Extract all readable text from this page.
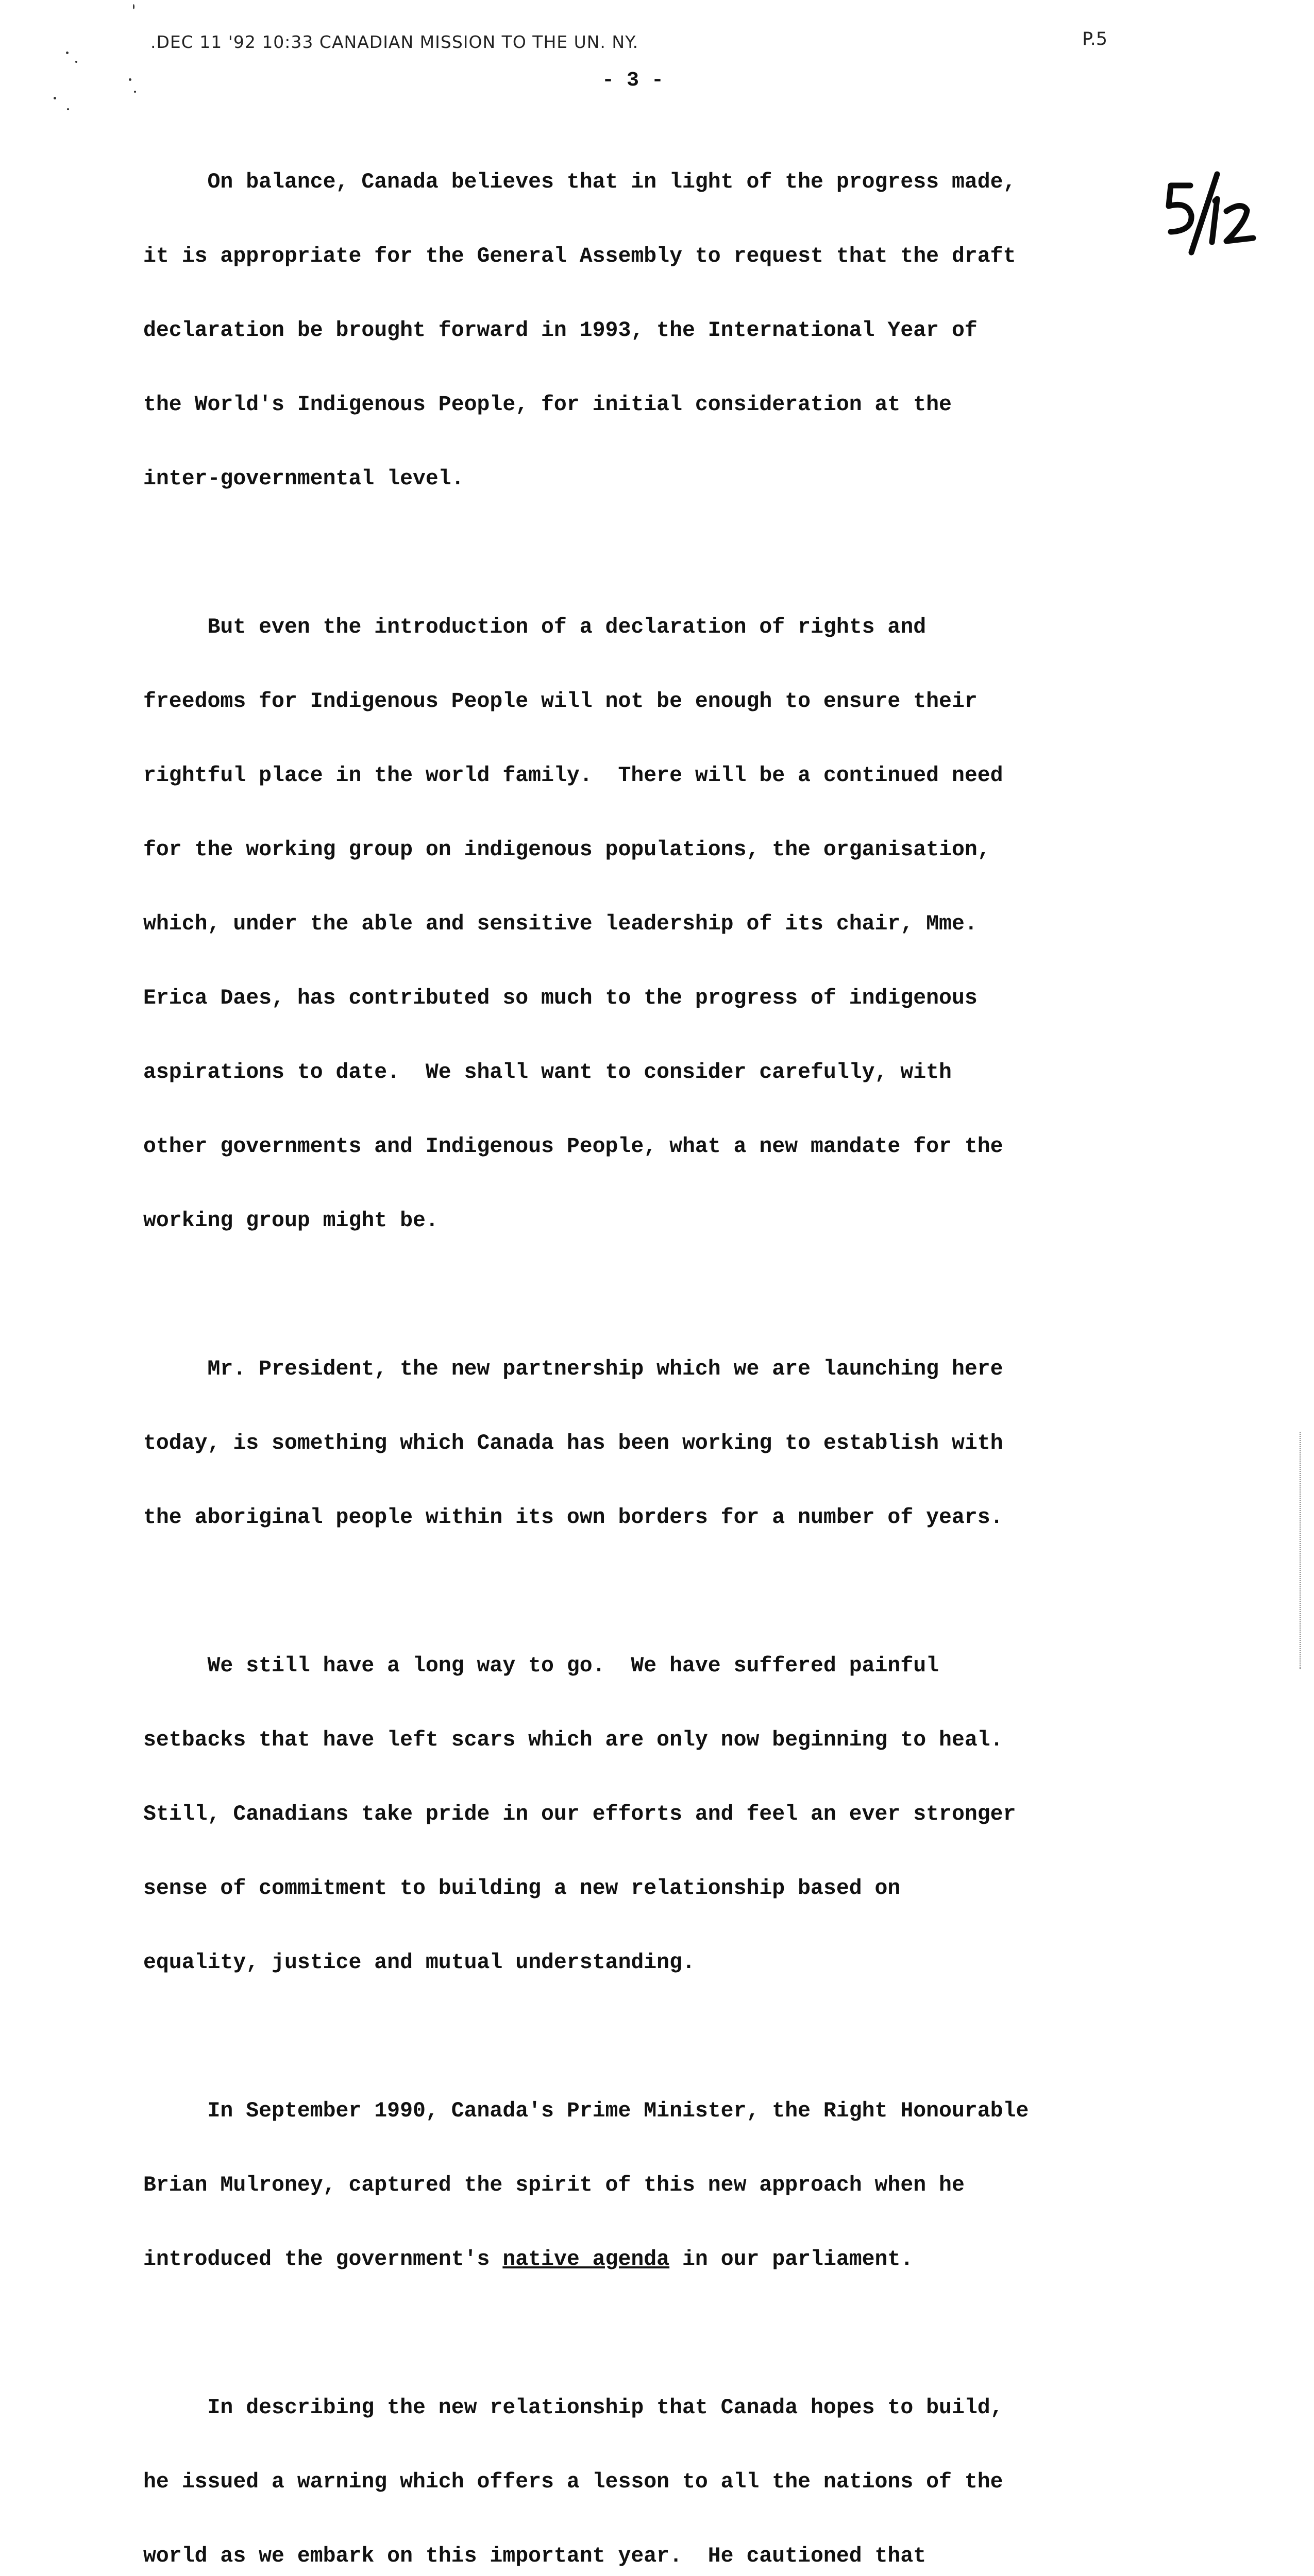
.DEC 11 '92 10:33 CANADIAN MISSION TO THE UN. NY.	P.5
- 3 -

On balance, Canada believes that in light of the progress made,

it is appropriate for the General Assembly to request that the draft

declaration be brought forward in 1993, the International Year of

the World's Indigenous People, for initial consideration at the

inter-governmental level.

But even the introduction of a declaration of rights and

freedoms for Indigenous People will not be enough to ensure their

rightful place in the world family.  There will be a continued need

for the working group on indigenous populations, the organisation,

which, under the able and sensitive leadership of its chair, Mme.

Erica Daes, has contributed so much to the progress of indigenous

aspirations to date.  We shall want to consider carefully, with

other governments and Indigenous People, what a new mandate for the

working group might be.

Mr. President, the new partnership which we are launching here

today, is something which Canada has been working to establish with

the aboriginal people within its own borders for a number of years.

We still have a long way to go.  We have suffered painful

setbacks that have left scars which are only now beginning to heal.

Still, Canadians take pride in our efforts and feel an ever stronger

sense of commitment to building a new relationship based on

equality, justice and mutual understanding.

In September 1990, Canada's Prime Minister, the Right Honourable

Brian Mulroney, captured the spirit of this new approach when he

introduced the government's native agenda in our parliament.

In describing the new relationship that Canada hopes to build,

he issued a warning which offers a lesson to all the nations of the

world as we embark on this important year.  He cautioned that
